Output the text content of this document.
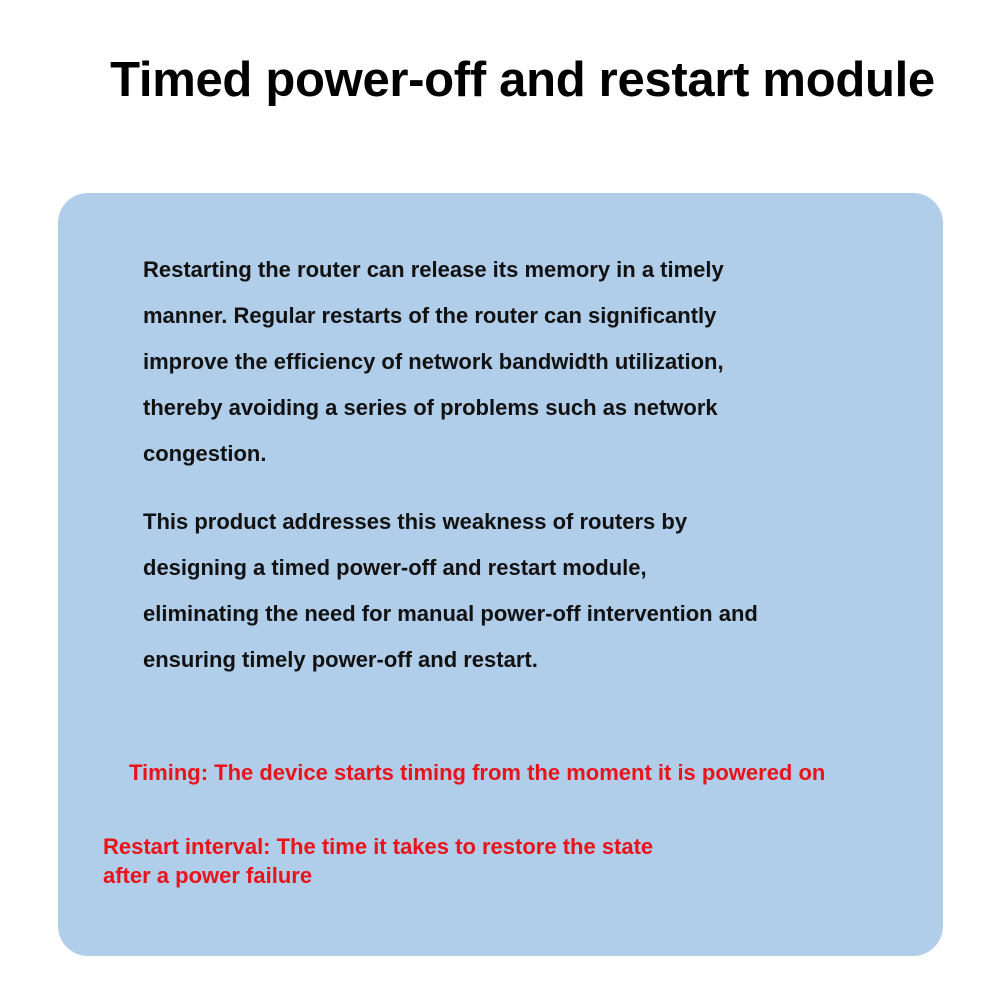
Timed power-off and restart module
Restarting the router can release its memory in a timely
manner. Regular restarts of the router can significantly
improve the efficiency of network bandwidth utilization,
thereby avoiding a series of problems such as network
congestion.
This product addresses this weakness of routers by
designing a timed power-off and restart module,
eliminating the need for manual power-off intervention and
ensuring timely power-off and restart.
Timing: The device starts timing from the moment it is powered on
Restart interval: The time it takes to restore the state
after a power failure
